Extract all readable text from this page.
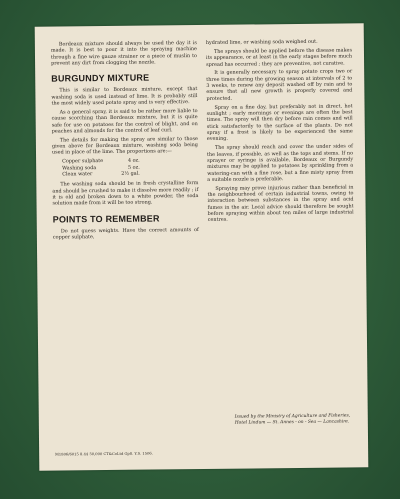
Bordeaux mixture should always be used the day it is made. It is best to pour it into the spraying machine through a fine wire gauze strainer or a piece of muslin to prevent any dirt from clogging the nozzle.

BURGUNDY MIXTURE

This is similar to Bordeaux mixture, except that washing soda is used instead of lime. It is probably still the most widely used potato spray and is very effective.

As a general spray, it is said to be rather more liable to cause scorching than Bordeaux mixture, but it is quite safe for use on potatoes for the control of blight, and on peaches and almonds for the control of leaf curl.

The details for making the spray are similar to those given above for Bordeaux mixture, washing soda being used in place of the lime. The proportions are:—

Copper sulphate	4 oz.
Washing soda	5 oz.
Clean water	2½ gal.

The washing soda should be in fresh crystalline form and should be crushed to make it dissolve more readily ; if it is old and broken down to a white powder, the soda solution made from it will be too strong.

POINTS TO REMEMBER

Do not guess weights. Have the correct amounts of copper sulphate,

hydrated lime, or washing soda weighed out.

The sprays should be applied before the disease makes its appearance, or at least in the early stages before much spread has occurred ; they are preventive, not curative.

It is generally necessary to spray potato crops two or three times during the growing season at intervals of 2 to 3 weeks, to renew any deposit washed off by rain and to ensure that all new growth is properly covered and protected.

Spray on a fine day, but preferably not in direct, hot sunlight ; early mornings or evenings are often the best times. The spray will then dry before rain comes and will stick satisfactorily to the surface of the plants. Do not spray if a frost is likely to be experienced the same evening.

The spray should reach and cover the under sides of the leaves, if possible, as well as the tops and stems. If no sprayer or syringe is available, Bordeaux or Burgundy mixtures may be applied to potatoes by sprinkling from a watering-can with a fine rose, but a fine misty spray from a suitable nozzle is preferable.

Spraying may prove injurious rather than beneficial in the neighbourhood of certain industrial towns, owing to interaction between substances in the spray and acid fumes in the air. Local advice should therefore be sought before spraying within about ten miles of large industrial centres.

Issued by the Ministry of Agriculture and Fisheries, Hotel Lindum — St. Annes - on - Sea — Lancashire.
M1806/6015 8.44 50,000 CT&CoLtd Gp8. Y.S. 1506.
